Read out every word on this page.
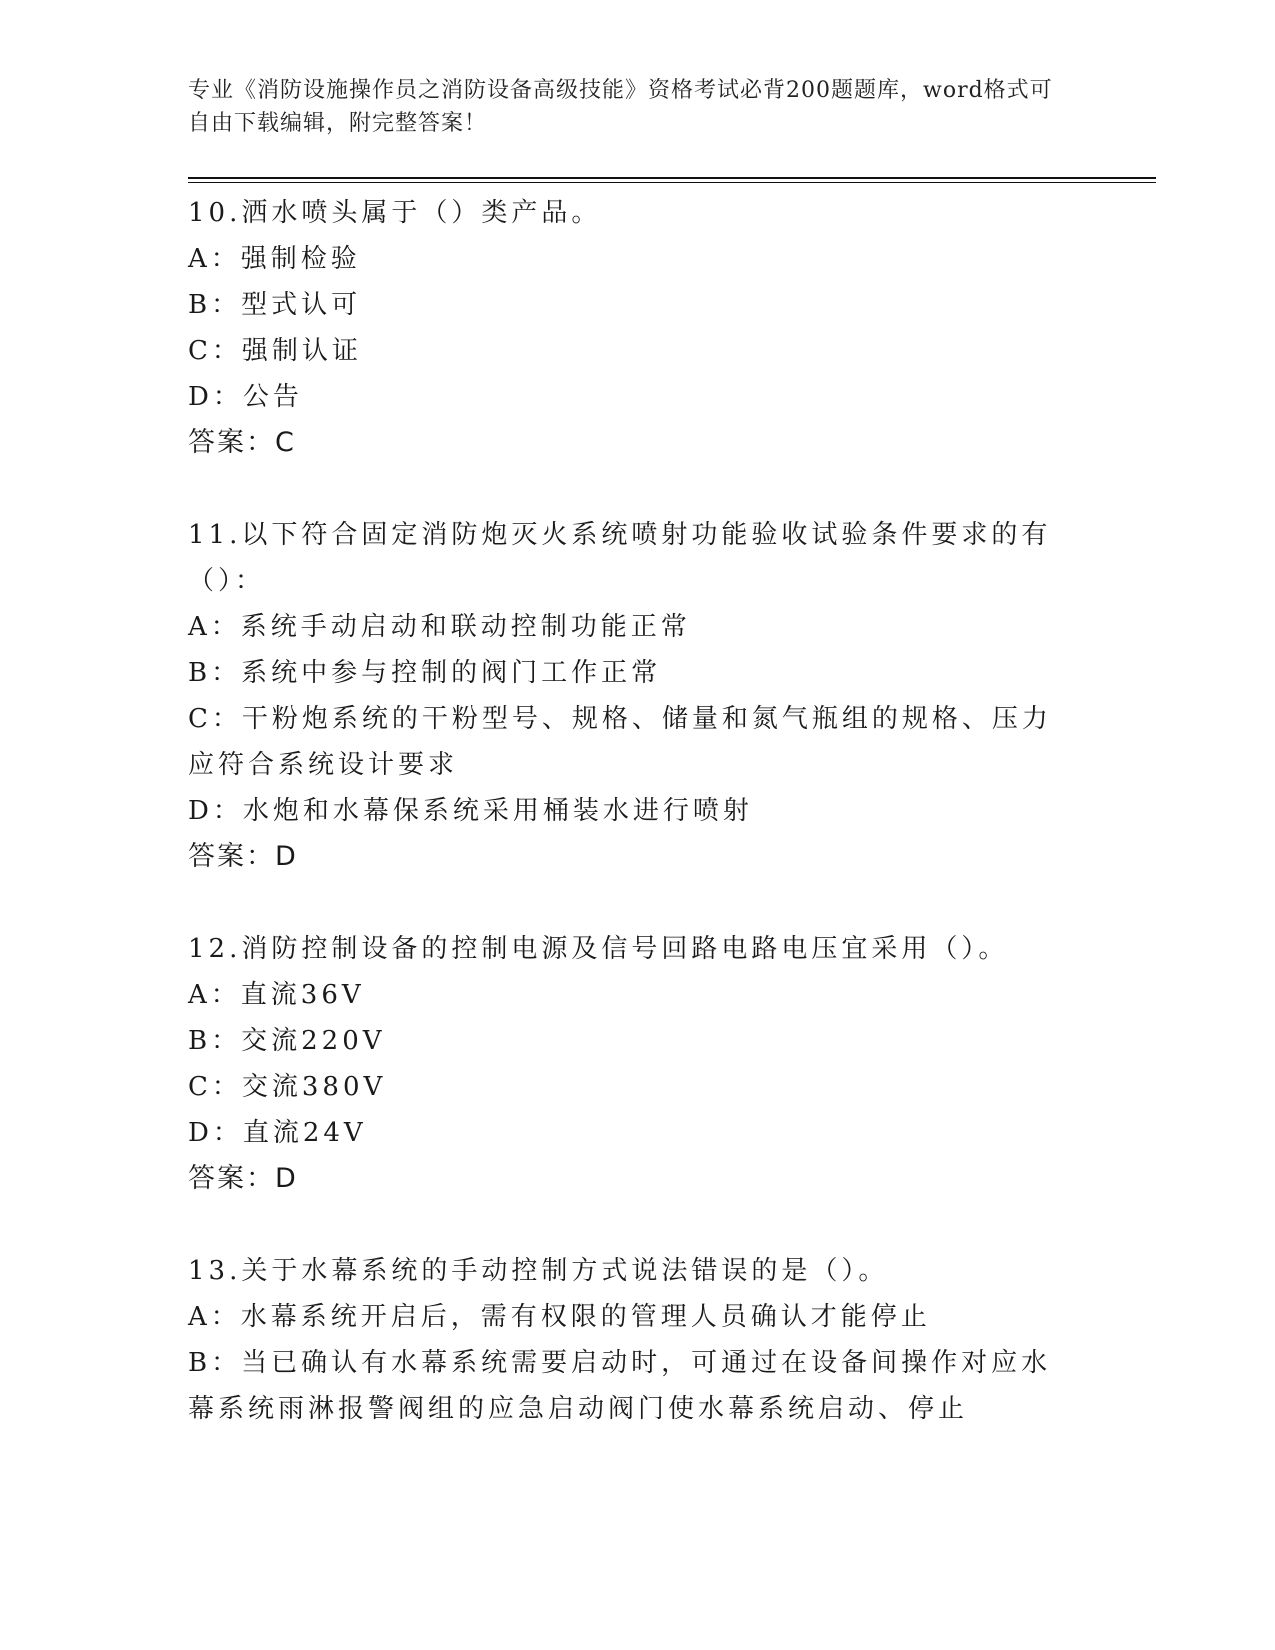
专业《消防设施操作员之消防设备高级技能》资格考试必背200题题库，word格式可自由下载编辑，附完整答案！
10.洒水喷头属于（）类产品。
A：强制检验
B：型式认可
C：强制认证
D：公告
答案：C
11.以下符合固定消防炮灭火系统喷射功能验收试验条件要求的有（）：
A：系统手动启动和联动控制功能正常
B：系统中参与控制的阀门工作正常
C：干粉炮系统的干粉型号、规格、储量和氮气瓶组的规格、压力应符合系统设计要求
D：水炮和水幕保系统采用桶装水进行喷射
答案：D
12.消防控制设备的控制电源及信号回路电路电压宜采用（）。
A：直流36V
B：交流220V
C：交流380V
D：直流24V
答案：D
13.关于水幕系统的手动控制方式说法错误的是（）。
A：水幕系统开启后，需有权限的管理人员确认才能停止
B：当已确认有水幕系统需要启动时，可通过在设备间操作对应水幕系统雨淋报警阀组的应急启动阀门使水幕系统启动、停止
